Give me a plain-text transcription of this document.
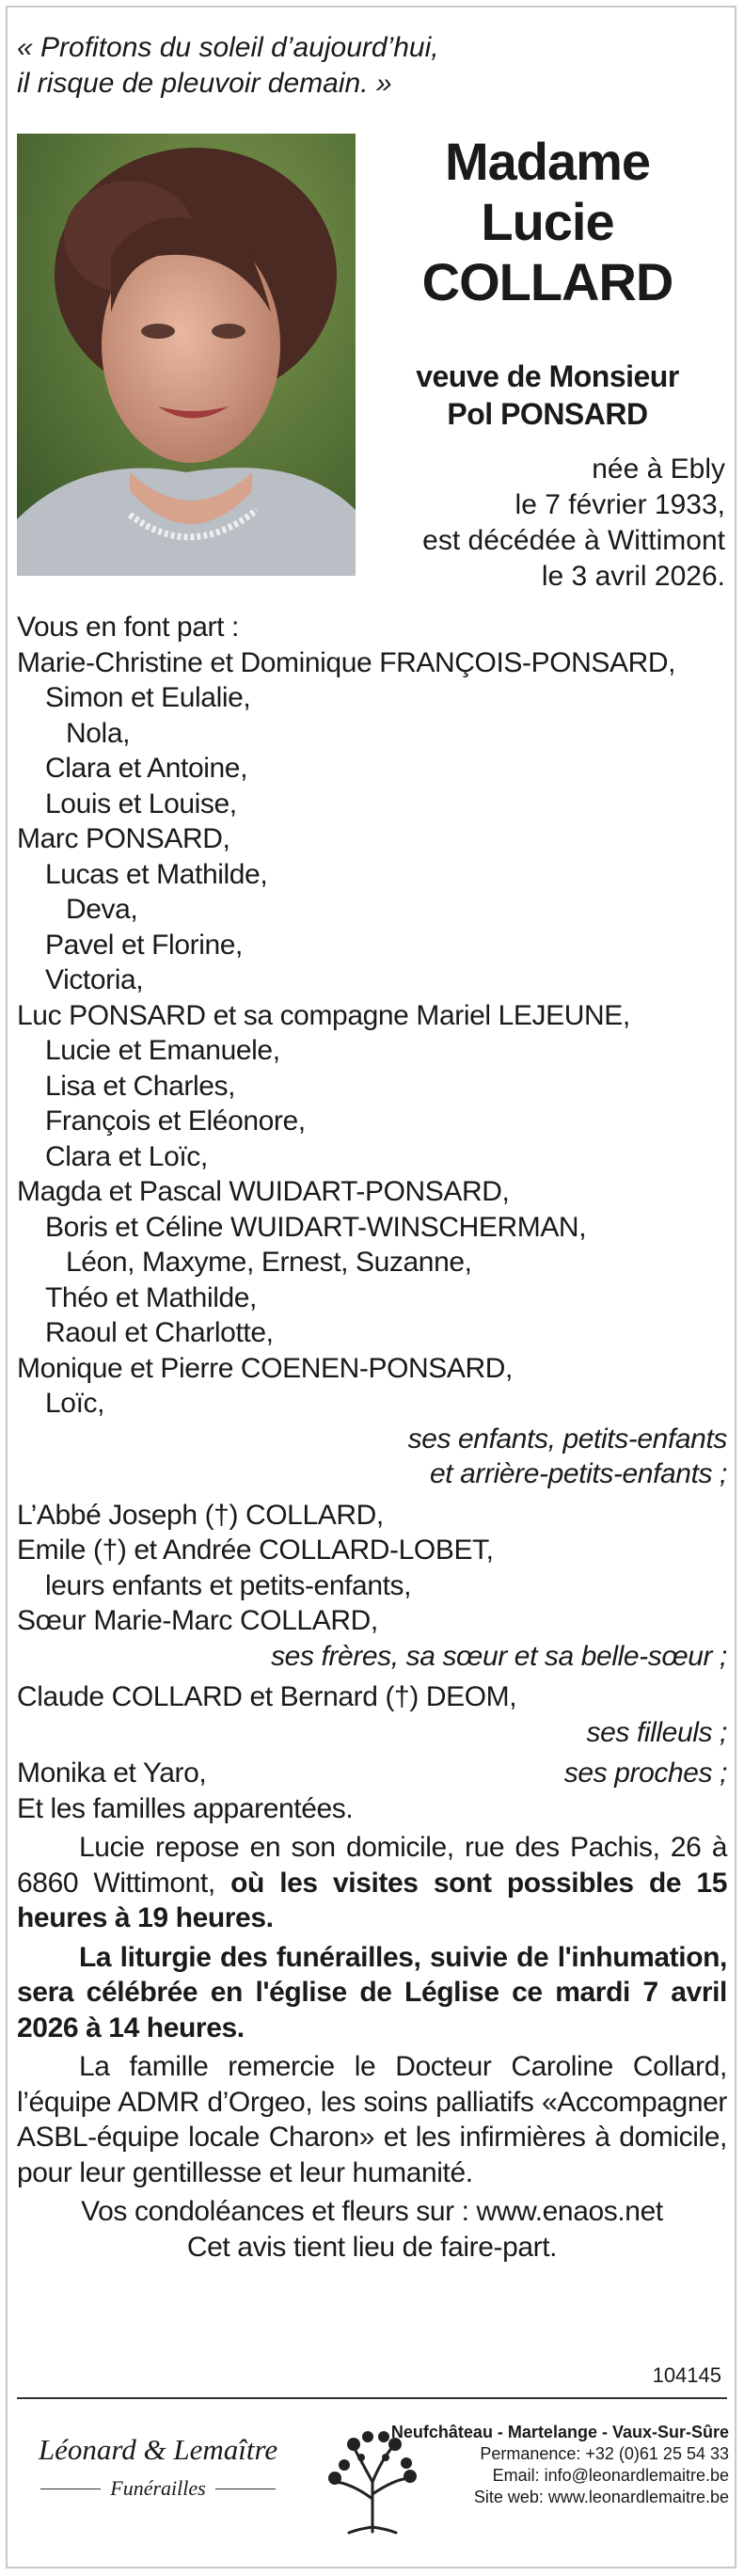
« Profitons du soleil d’aujourd’hui,
il risque de pleuvoir demain. »
Madame
Lucie
COLLARD
veuve de Monsieur
Pol PONSARD
née à Ebly
le 7 février 1933,
est décédée à Wittimont
le 3 avril 2026.
Vous en font part :
Marie-Christine et Dominique FRANÇOIS-PONSARD,
Simon et Eulalie,
Nola,
Clara et Antoine,
Louis et Louise,
Marc PONSARD,
Lucas et Mathilde,
Deva,
Pavel et Florine,
Victoria,
Luc PONSARD et sa compagne Mariel LEJEUNE,
Lucie et Emanuele,
Lisa et Charles,
François et Eléonore,
Clara et Loïc,
Magda et Pascal WUIDART-PONSARD,
Boris et Céline WUIDART-WINSCHERMAN,
Léon, Maxyme, Ernest, Suzanne,
Théo et Mathilde,
Raoul et Charlotte,
Monique et Pierre COENEN-PONSARD,
Loïc,
ses enfants, petits-enfants
et arrière-petits-enfants ;
L’Abbé Joseph (†) COLLARD,
Emile (†) et Andrée COLLARD-LOBET,
leurs enfants et petits-enfants,
Sœur Marie-Marc COLLARD,
ses frères, sa sœur et sa belle-sœur ;
Claude COLLARD et Bernard (†) DEOM,
ses filleuls ;
Monika et Yaro,	ses proches ;
Et les familles apparentées.
Lucie repose en son domicile, rue des Pachis, 26 à 6860 Wittimont, où les visites sont possibles de 15 heures à 19 heures.
La liturgie des funérailles, suivie de l'inhumation, sera célébrée en l'église de Léglise ce mardi 7 avril 2026 à 14 heures.
La famille remercie le Docteur Caroline Collard, l’équipe ADMR d’Orgeo, les soins palliatifs «Accompagner ASBL-équipe locale Charon» et les infirmières à domicile, pour leur gentillesse et leur humanité.
Vos condoléances et fleurs sur : www.enaos.net
Cet avis tient lieu de faire-part.
104145
Léonard & Lemaître
Funérailles
Neufchâteau - Martelange - Vaux-Sur-Sûre
Permanence: +32 (0)61 25 54 33
Email: info@leonardlemaitre.be
Site web: www.leonardlemaitre.be
